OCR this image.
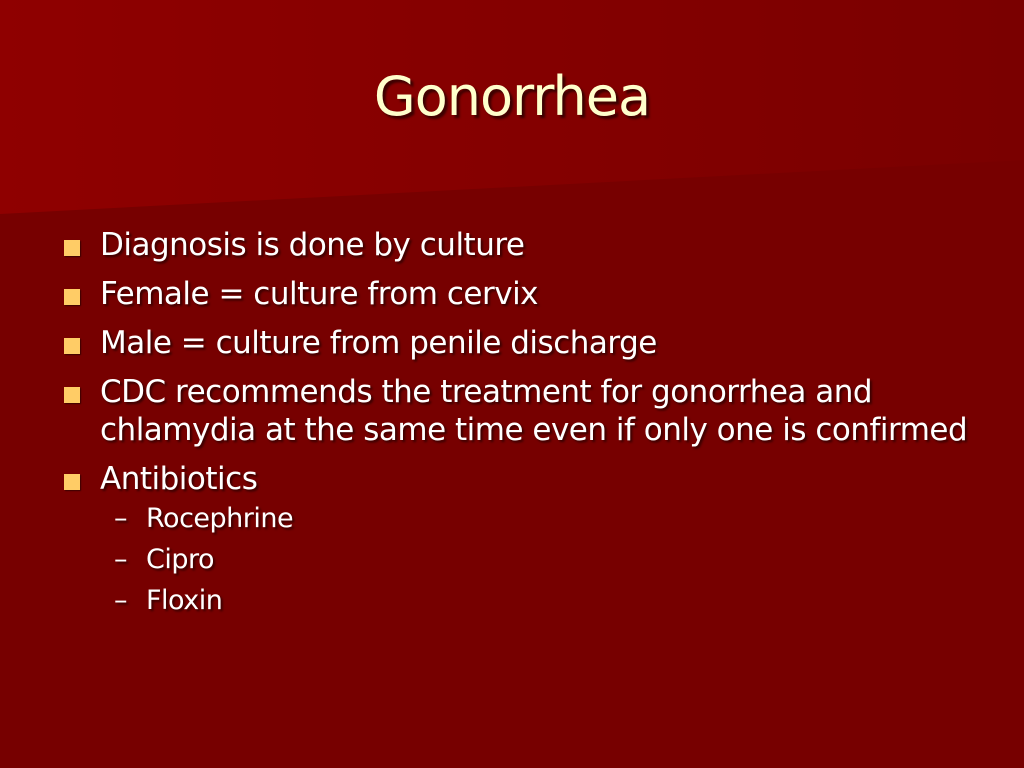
Gonorrhea
Diagnosis is done by culture
Female = culture from cervix
Male = culture from penile discharge
CDC recommends the treatment for gonorrhea and chlamydia at the same time even if only one is confirmed
Antibiotics
– Rocephrine
– Cipro
– Floxin
